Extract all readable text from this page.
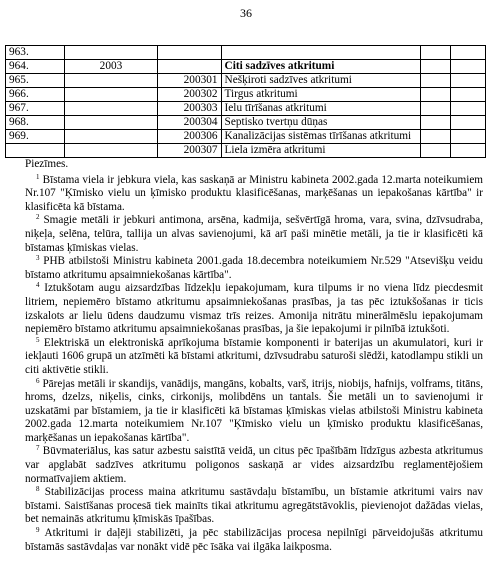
36
963.					
964.	2003		Citi sadzīves atkritumi		
965.		200301	Nešķiroti sadzīves atkritumi		
966.		200302	Tirgus atkritumi		
967.		200303	Ielu tīrīšanas atkritumi		
968.		200304	Septisko tvertņu dūņas		
969.		200306	Kanalizācijas sistēmas tīrīšanas atkritumi		
		200307	Liela izmēra atkritumi		

Piezīmes.

$^1$ Bīstama viela ir jebkura viela, kas saskaņā ar Ministru kabineta 2002.gada 12.marta noteikumiem Nr.107 "Ķīmisko vielu un ķīmisko produktu klasificēšanas, marķēšanas un iepakošanas kārtība" ir klasificēta kā bīstama.

$^2$ Smagie metāli ir jebkuri antimona, arsēna, kadmija, sešvērtīgā hroma, vara, svina, dzīvsudraba, niķeļa, selēna, telūra, tallija un alvas savienojumi, kā arī paši minētie metāli, ja tie ir klasificēti kā bīstamas ķīmiskas vielas.

$^3$ PHB atbilstoši Ministru kabineta 2001.gada 18.decembra noteikumiem Nr.529 "Atsevišķu veidu bīstamo atkritumu apsaimniekošanas kārtība".

$^4$ Iztukšotam augu aizsardzības līdzekļu iepakojumam, kura tilpums ir no viena līdz piecdesmit litriem, nepiemēro bīstamo atkritumu apsaimniekošanas prasības, ja tas pēc iztukšošanas ir ticis izskalots ar lielu ūdens daudzumu vismaz trīs reizes. Amonija nitrātu minerālmēslu iepakojumam nepiemēro bīstamo atkritumu apsaimniekošanas prasības, ja šie iepakojumi ir pilnībā iztukšoti.

$^5$ Elektriskā un elektroniskā aprīkojuma bīstamie komponenti ir baterijas un akumulatori, kuri ir iekļauti 1606 grupā un atzīmēti kā bīstami atkritumi, dzīvsudrabu saturoši slēdži, katodlampu stikli un citi aktivētie stikli.

$^6$ Pārejas metāli ir skandijs, vanādijs, mangāns, kobalts, varš, itrijs, niobijs, hafnijs, volframs, titāns, hroms, dzelzs, niķelis, cinks, cirkonijs, molibdēns un tantals. Šie metāli un to savienojumi ir uzskatāmi par bīstamiem, ja tie ir klasificēti kā bīstamas ķīmiskas vielas atbilstoši Ministru kabineta 2002.gada 12.marta noteikumiem Nr.107 "Ķīmisko vielu un ķīmisko produktu klasificēšanas, marķēšanas un iepakošanas kārtība".

$^7$ Būvmateriālus, kas satur azbestu saistītā veidā, un citus pēc īpašībām līdzīgus azbesta atkritumus var apglabāt sadzīves atkritumu poligonos saskaņā ar vides aizsardzību reglamentējošiem normatīvajiem aktiem.

$^8$ Stabilizācijas process maina atkritumu sastāvdaļu bīstamību, un bīstamie atkritumi vairs nav bīstami. Saistīšanas procesā tiek mainīts tikai atkritumu agregātstāvoklis, pievienojot dažādas vielas, bet nemainās atkritumu ķīmiskās īpašības.

$^9$ Atkritumi ir daļēji stabilizēti, ja pēc stabilizācijas procesa nepilnīgi pārveidojušās atkritumu bīstamās sastāvdaļas var nonākt vidē pēc īsāka vai ilgāka laikposma.
